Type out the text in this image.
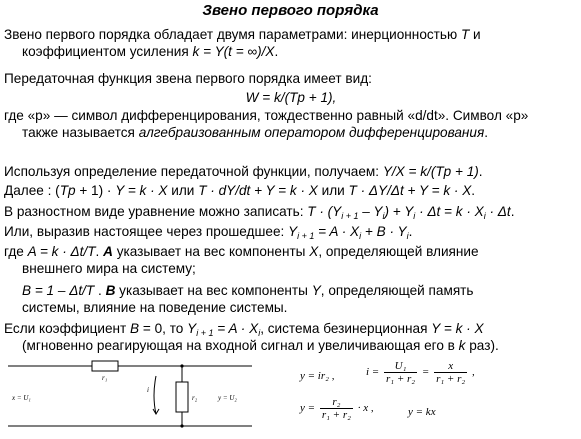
Звено первого порядка
Звено первого порядка обладает двумя параметрами: инерционностью T и
коэффициентом усиления k = Y(t = ∞)/X.
Передаточная функция звена первого порядка имеет вид:
W = k/(Tp + 1),
где «p» — символ дифференцирования, тождественно равный «d/dt». Символ «p»
также называется алгебраизованным оператором дифференцирования.
Используя определение передаточной функции, получаем: Y/X = k/(Tp + 1).
Далее : (Tp + 1) · Y = k · X или T · dY/dt + Y = k · X или T · ΔY/Δt + Y = k · X.
В разностном виде уравнение можно записать: $T \cdot (Y_{i + 1} - Y_i) + Y_i \cdot \Delta t = k \cdot X_i \cdot \Delta t$.
Или, выразив настоящее через прошедшее: $Y_{i + 1} = A \cdot X_i + B \cdot Y_i$.
где A = k · Δt/T. A указывает на вес компоненты X, определяющей влияние
внешнего мира на систему;
B = 1 – Δt/T . B указывает на вес компоненты Y, определяющей память
системы, влияние на поведение системы.
Если коэффициент B = 0, то $Y_{i + 1} = A \cdot X_i$, система безинерционная Y = k · X
(мгновенно реагирующая на входной сигнал и увеличивающая его в k раз).
x = U₁	y = U₂
i
r₁
r₂
y = ir₂ ,	$i = \frac{\text{U₁}}{\text{r₁ + r₂}} = \frac{x}{\text{r₁ + r₂}}$ ,
$y = \frac{\text{r₂}}{\text{r₁ + r₂}} \cdot x$ ,	y = kx
